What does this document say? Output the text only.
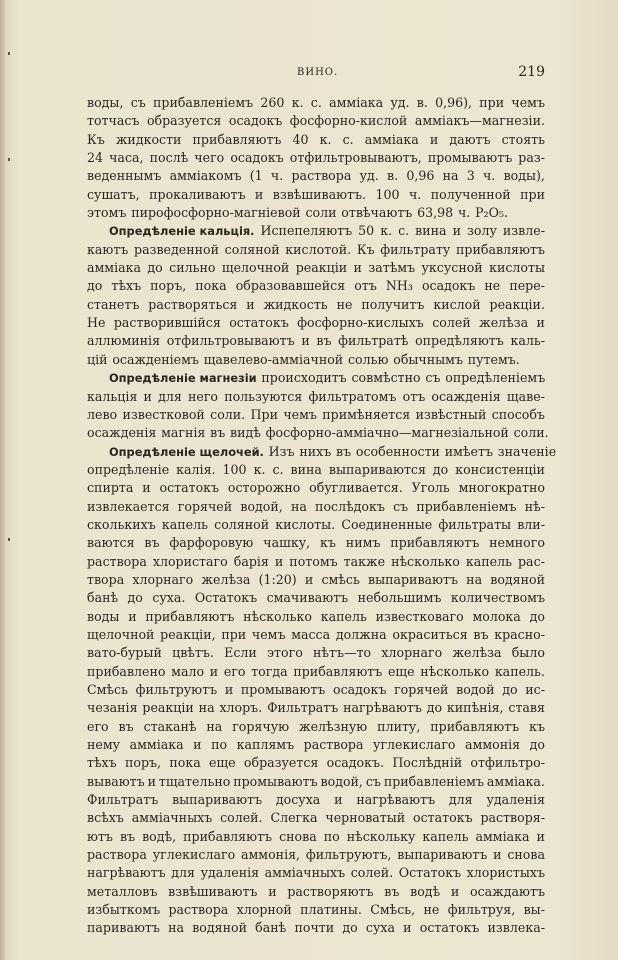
ВИНО.	219
воды, съ прибавленіемъ 260 к. с. амміака уд. в. 0,96), при чемъ
тотчасъ образуется осадокъ фосфорно-кислой амміакъ—магнезіи.
Къ жидкости прибавляютъ 40 к. с. амміака и даютъ стоять
24 часа, послѣ чего осадокъ отфильтровываютъ, промываютъ раз-
веденнымъ амміакомъ (1 ч. раствора уд. в. 0,96 на 3 ч. воды),
сушатъ, прокаливаютъ и взвѣшиваютъ. 100 ч. полученной при
этомъ пирофосфорно-магніевой соли отвѣчаютъ 63,98 ч. P₂O₅.
Опредѣленіе кальція. Испепеляютъ 50 к. с. вина и золу извле-
каютъ разведенной соляной кислотой. Къ фильтрату прибавляютъ
амміака до сильно щелочной реакціи и затѣмъ уксусной кислоты
до тѣхъ поръ, пока образовавшейся отъ NH₃ осадокъ не пере-
станетъ растворяться и жидкость не получитъ кислой реакціи.
Не растворившійся остатокъ фосфорно-кислыхъ солей желѣза и
аллюминія отфильтровываютъ и въ фильтратѣ опредѣляютъ каль-
цій осажденіемъ щавелево-амміачной солью обычнымъ путемъ.
Опредѣленіе магнезіи происходитъ совмѣстно съ опредѣленіемъ
кальція и для него пользуются фильтратомъ отъ осажденія щаве-
лево известковой соли. При чемъ примѣняется извѣстный способъ
осажденія магнія въ видѣ фосфорно-амміачно—магнезіальной соли.
Опредѣленіе щелочей. Изъ нихъ въ особенности имѣетъ значеніе
опредѣленіе калія. 100 к. с. вина выпариваются до консистенціи
спирта и остатокъ осторожно обугливается. Уголь многократно
извлекается горячей водой, на послѣдокъ съ прибавленіемъ нѣ-
сколькихъ капель соляной кислоты. Соединенные фильтраты вли-
ваются въ фарфоровую чашку, къ нимъ прибавляютъ немного
раствора хлористаго барія и потомъ также нѣсколько капель рас-
твора хлорнаго желѣза (1:20) и смѣсь выпариваютъ на водяной
банѣ до суха. Остатокъ смачиваютъ небольшимъ количествомъ
воды и прибавляютъ нѣсколько капель известковаго молока до
щелочной реакціи, при чемъ масса должна окраситься въ красно-
вато-бурый цвѣтъ. Если этого нѣтъ—то хлорнаго желѣза было
прибавлено мало и его тогда прибавляютъ еще нѣсколько капель.
Смѣсь фильтруютъ и промываютъ осадокъ горячей водой до ис-
чезанія реакціи на хлоръ. Фильтратъ нагрѣваютъ до кипѣнія, ставя
его въ стаканѣ на горячую желѣзную плиту, прибавляютъ къ
нему амміака и по каплямъ раствора углекислаго аммонія до
тѣхъ поръ, пока еще образуется осадокъ. Послѣдній отфильтро-
вываютъ и тщательно промываютъ водой, съ прибавленіемъ амміака.
Фильтратъ выпариваютъ досуха и нагрѣваютъ для удаленія
всѣхъ амміачныхъ солей. Слегка черноватый остатокъ растворя-
ютъ въ водѣ, прибавляютъ снова по нѣскольку капель амміака и
раствора углекислаго аммонія, фильтруютъ, выпариваютъ и снова
нагрѣваютъ для удаленія амміачныхъ солей. Остатокъ хлористыхъ
металловъ взвѣшиваютъ и растворяютъ въ водѣ и осаждаютъ
избыткомъ раствора хлорной платины. Смѣсь, не фильтруя, вы-
париваютъ на водяной банѣ почти до суха и остатокъ извлека-
